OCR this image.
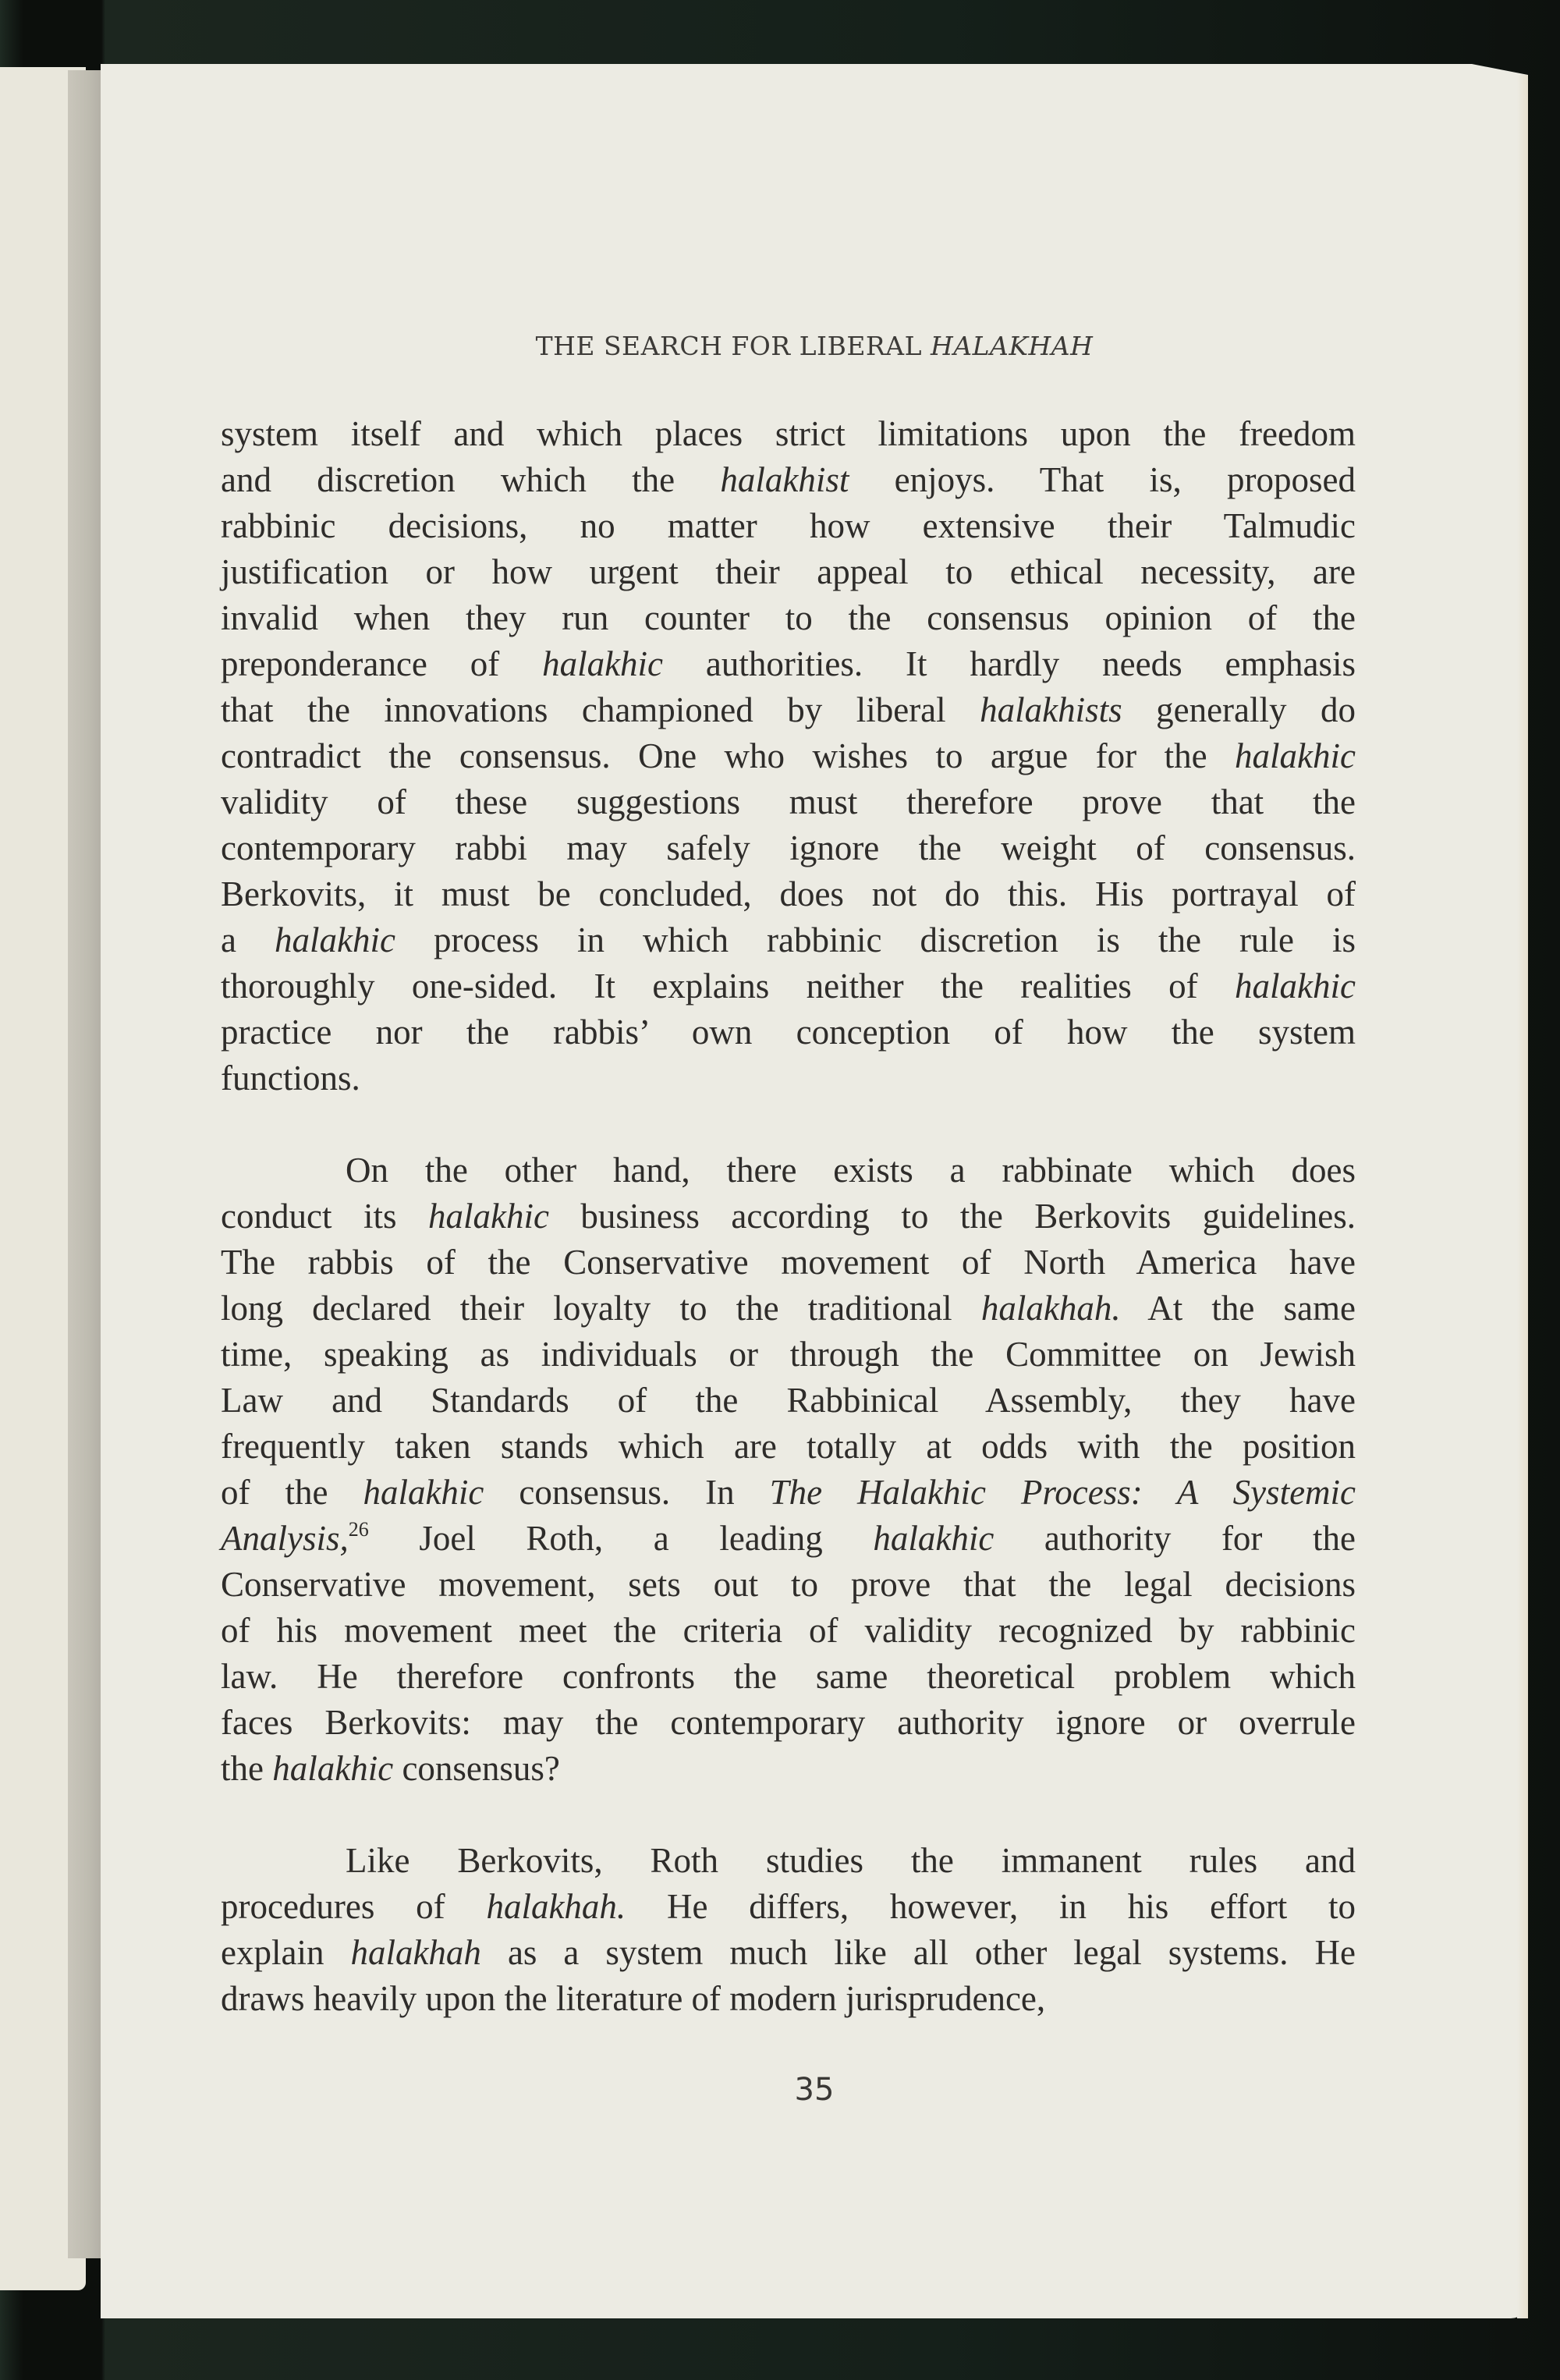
THE SEARCH FOR LIBERAL HALAKHAH

system itself and which places strict limitations upon the freedom
and discretion which the halakhist enjoys. That is, proposed
rabbinic decisions, no matter how extensive their Talmudic
justification or how urgent their appeal to ethical necessity, are
invalid when they run counter to the consensus opinion of the
preponderance of halakhic authorities. It hardly needs emphasis
that the innovations championed by liberal halakhists generally do
contradict the consensus. One who wishes to argue for the halakhic
validity of these suggestions must therefore prove that the
contemporary rabbi may safely ignore the weight of consensus.
Berkovits, it must be concluded, does not do this. His portrayal of
a halakhic process in which rabbinic discretion is the rule is
thoroughly one-sided. It explains neither the realities of halakhic
practice nor the rabbis’ own conception of how the system
functions.

On the other hand, there exists a rabbinate which does
conduct its halakhic business according to the Berkovits guidelines.
The rabbis of the Conservative movement of North America have
long declared their loyalty to the traditional halakhah. At the same
time, speaking as individuals or through the Committee on Jewish
Law and Standards of the Rabbinical Assembly, they have
frequently taken stands which are totally at odds with the position
of the halakhic consensus. In The Halakhic Process: A Systemic
Analysis,$^{26}$ Joel Roth, a leading halakhic authority for the
Conservative movement, sets out to prove that the legal decisions
of his movement meet the criteria of validity recognized by rabbinic
law. He therefore confronts the same theoretical problem which
faces Berkovits: may the contemporary authority ignore or overrule
the halakhic consensus?

Like Berkovits, Roth studies the immanent rules and
procedures of halakhah. He differs, however, in his effort to
explain halakhah as a system much like all other legal systems. He
draws heavily upon the literature of modern jurisprudence,

35
